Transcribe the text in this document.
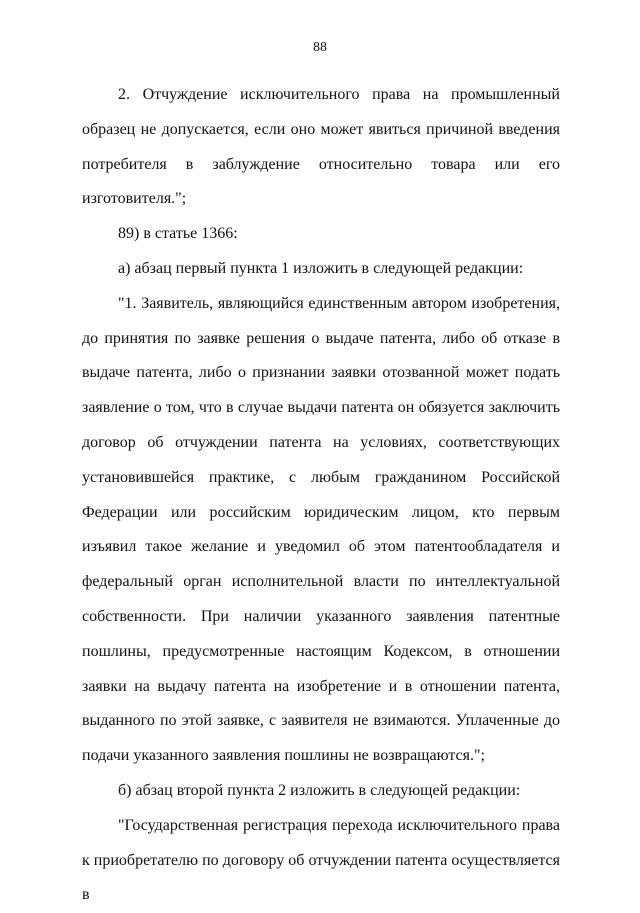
88

2. Отчуждение исключительного права на промышленный образец не допускается, если оно может явиться причиной введения потребителя в заблуждение относительно товара или его изготовителя.";

89) в статье 1366:

а) абзац первый пункта 1 изложить в следующей редакции:

"1. Заявитель, являющийся единственным автором изобретения, до принятия по заявке решения о выдаче патента, либо об отказе в выдаче патента, либо о признании заявки отозванной может подать заявление о том, что в случае выдачи патента он обязуется заключить договор об отчуждении патента на условиях, соответствующих установившейся практике, с любым гражданином Российской Федерации или российским юридическим лицом, кто первым изъявил такое желание и уведомил об этом патентообладателя и федеральный орган исполнительной власти по интеллектуальной собственности. При наличии указанного заявления патентные пошлины, предусмотренные настоящим Кодексом, в отношении заявки на выдачу патента на изобретение и в отношении патента, выданного по этой заявке, с заявителя не взимаются. Уплаченные до подачи указанного заявления пошлины не возвращаются.";

б) абзац второй пункта 2 изложить в следующей редакции:

"Государственная регистрация перехода исключительного права к приобретателю по договору об отчуждении патента осуществляется в
